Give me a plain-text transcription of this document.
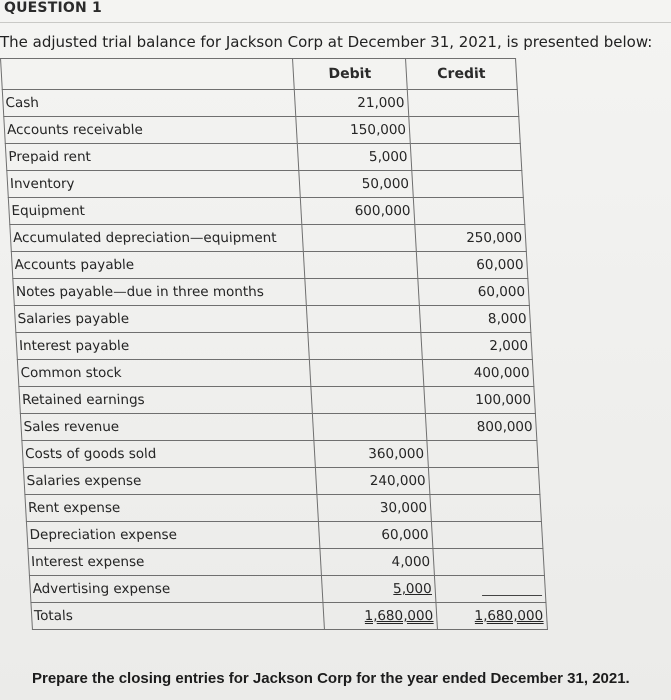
QUESTION 1
The adjusted trial balance for Jackson Corp at December 31, 2021, is presented below:
	Debit	Credit
Cash	21,000	
Accounts receivable	150,000	
Prepaid rent	5,000	
Inventory	50,000	
Equipment	600,000	
Accumulated depreciation—equipment		250,000
Accounts payable		60,000
Notes payable—due in three months		60,000
Salaries payable		8,000
Interest payable		2,000
Common stock		400,000
Retained earnings		100,000
Sales revenue		800,000
Costs of goods sold	360,000	
Salaries expense	240,000	
Rent expense	30,000	
Depreciation expense	60,000	
Interest expense	4,000	
Advertising expense	5,000	

Totals	1,680,000	1,680,000
Prepare the closing entries for Jackson Corp for the year ended December 31, 2021.
